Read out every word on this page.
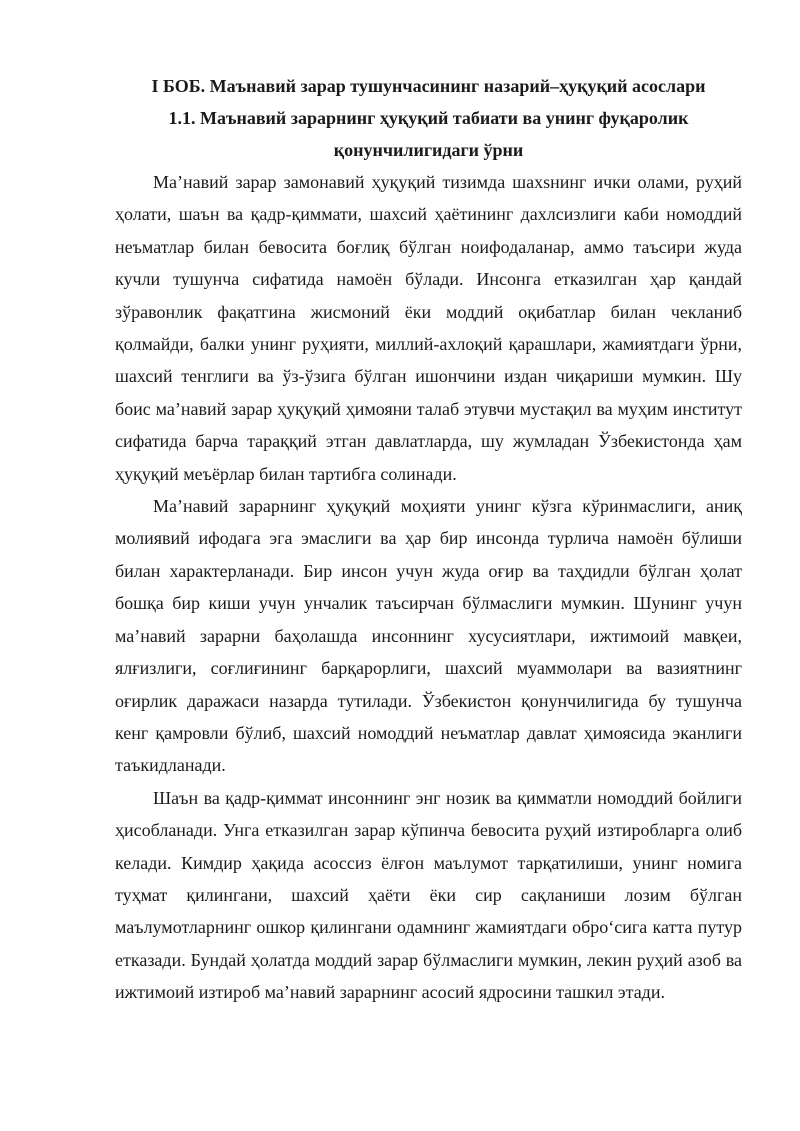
I БОБ. Маънавий зарар тушунчасининг назарий–ҳуқуқий асослари

1.1. Маънавий зарарнинг ҳуқуқий табиати ва унинг фуқаролик қонунчилигидаги ўрни

Ма’навий зарар замонавий ҳуқуқий тизимда шахsнинг ички олами, руҳий ҳолати, шаън ва қадр-қиммати, шахсий ҳаётининг дахлсизлиги каби номоддий неъматлар билан бевосита боғлиқ бўлган ноифодаланар, аммо таъсири жуда кучли тушунча сифатида намоён бўлади. Инсонга етказилган ҳар қандай зўравонлик фақатгина жисмоний ёки моддий оқибатлар билан чекланиб қолмайди, балки унинг руҳияти, миллий-ахлоқий қарашлари, жамиятдаги ўрни, шахсий тенглиги ва ўз-ўзига бўлган ишончини издан чиқариши мумкин. Шу боис ма’навий зарар ҳуқуқий ҳимояни талаб этувчи мустақил ва муҳим институт сифатида барча тараққий этган давлатларда, шу жумладан Ўзбекистонда ҳам ҳуқуқий меъёрлар билан тартибга солинади.

Ма’навий зарарнинг ҳуқуқий моҳияти унинг кўзга кўринмаслиги, аниқ молиявий ифодага эга эмаслиги ва ҳар бир инсонда турлича намоён бўлиши билан характерланади. Бир инсон учун жуда оғир ва таҳдидли бўлган ҳолат бошқа бир киши учун унчалик таъсирчан бўлмаслиги мумкин. Шунинг учун ма’навий зарарни баҳолашда инсоннинг хусусиятлари, ижтимоий мавқеи, ялғизлиги, соғлиғининг барқарорлиги, шахсий муаммолари ва вазиятнинг оғирлик даражаси назарда тутилади. Ўзбекистон қонунчилигида бу тушунча кенг қамровли бўлиб, шахсий номоддий неъматлар давлат ҳимоясида эканлиги таъкидланади.

Шаън ва қадр-қиммат инсоннинг энг нозик ва қимматли номоддий бойлиги ҳисобланади. Унга етказилган зарар кўпинча бевосита руҳий изтиробларга олиб келади. Кимдир ҳақида асоссиз ёлғон маълумот тарқатилиши, унинг номига туҳмат қилингани, шахсий ҳаёти ёки сир сақланиши лозим бўлган маълумотларнинг ошкор қилингани одамнинг жамиятдаги обро‘сига катта путур етказади. Бундай ҳолатда моддий зарар бўлмаслиги мумкин, лекин руҳий азоб ва ижтимоий изтироб ма’навий зарарнинг асосий ядросини ташкил этади.
